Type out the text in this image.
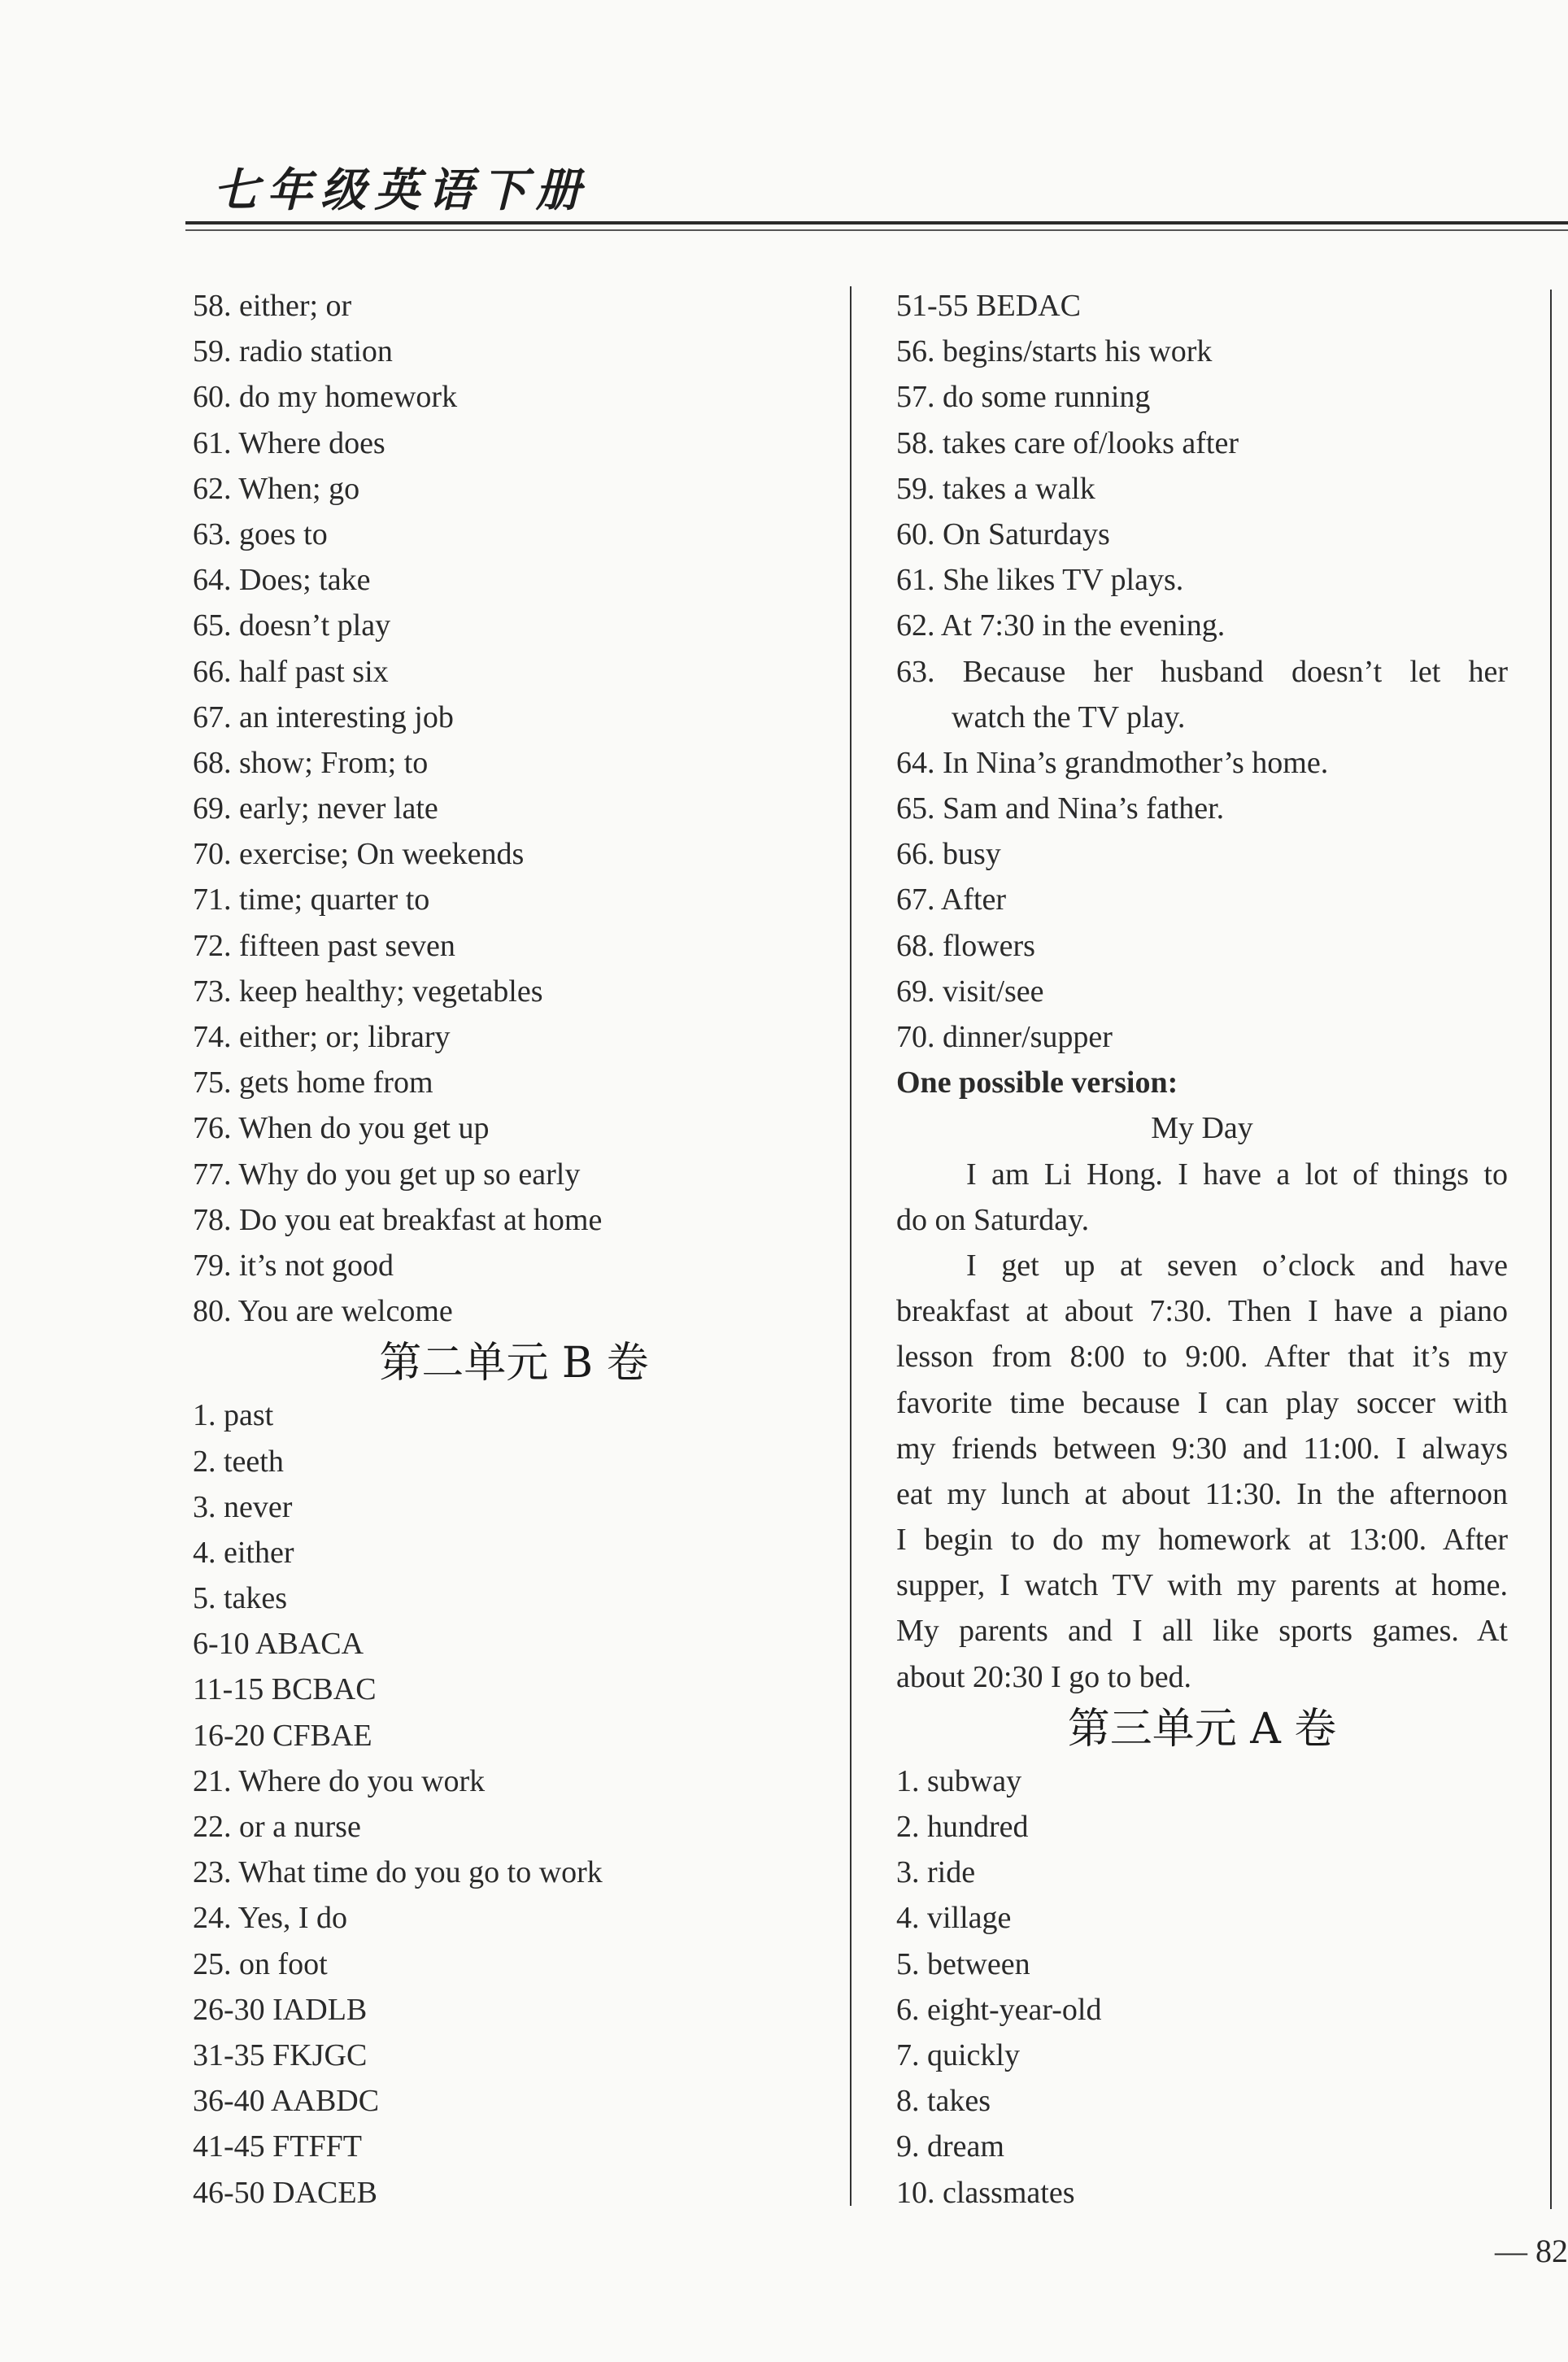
七年级英语下册
58. either; or
59. radio station
60. do my homework
61. Where does
62. When; go
63. goes to
64. Does; take
65. doesn’t play
66. half past six
67. an interesting job
68. show; From; to
69. early; never late
70. exercise; On weekends
71. time; quarter to
72. fifteen past seven
73. keep healthy; vegetables
74. either; or; library
75. gets home from
76. When do you get up
77. Why do you get up so early
78. Do you eat breakfast at home
79. it’s not good
80. You are welcome
第二单元 B 卷
1. past
2. teeth
3. never
4. either
5. takes
6-10 ABACA
11-15 BCBAC
16-20 CFBAE
21. Where do you work
22. or a nurse
23. What time do you go to work
24. Yes, I do
25. on foot
26-30 IADLB
31-35 FKJGC
36-40 AABDC
41-45 FTFFT
46-50 DACEB
51-55 BEDAC
56. begins/starts his work
57. do some running
58. takes care of/looks after
59. takes a walk
60. On Saturdays
61. She likes TV plays.
62. At 7:30 in the evening.
63. Because her husband doesn’t let her
watch the TV play.
64. In Nina’s grandmother’s home.
65. Sam and Nina’s father.
66. busy
67. After
68. flowers
69. visit/see
70. dinner/supper
One possible version:
My Day
I am Li Hong. I have a lot of things to
do on Saturday.
I get up at seven o’clock and have
breakfast at about 7:30. Then I have a piano
lesson from 8:00 to 9:00. After that it’s my
favorite time because I can play soccer with
my friends between 9:30 and 11:00. I always
eat my lunch at about 11:30. In the afternoon
I begin to do my homework at 13:00. After
supper, I watch TV with my parents at home.
My parents and I all like sports games. At
about 20:30 I go to bed.
第三单元 A 卷
1. subway
2. hundred
3. ride
4. village
5. between
6. eight-year-old
7. quickly
8. takes
9. dream
10. classmates
— 82
